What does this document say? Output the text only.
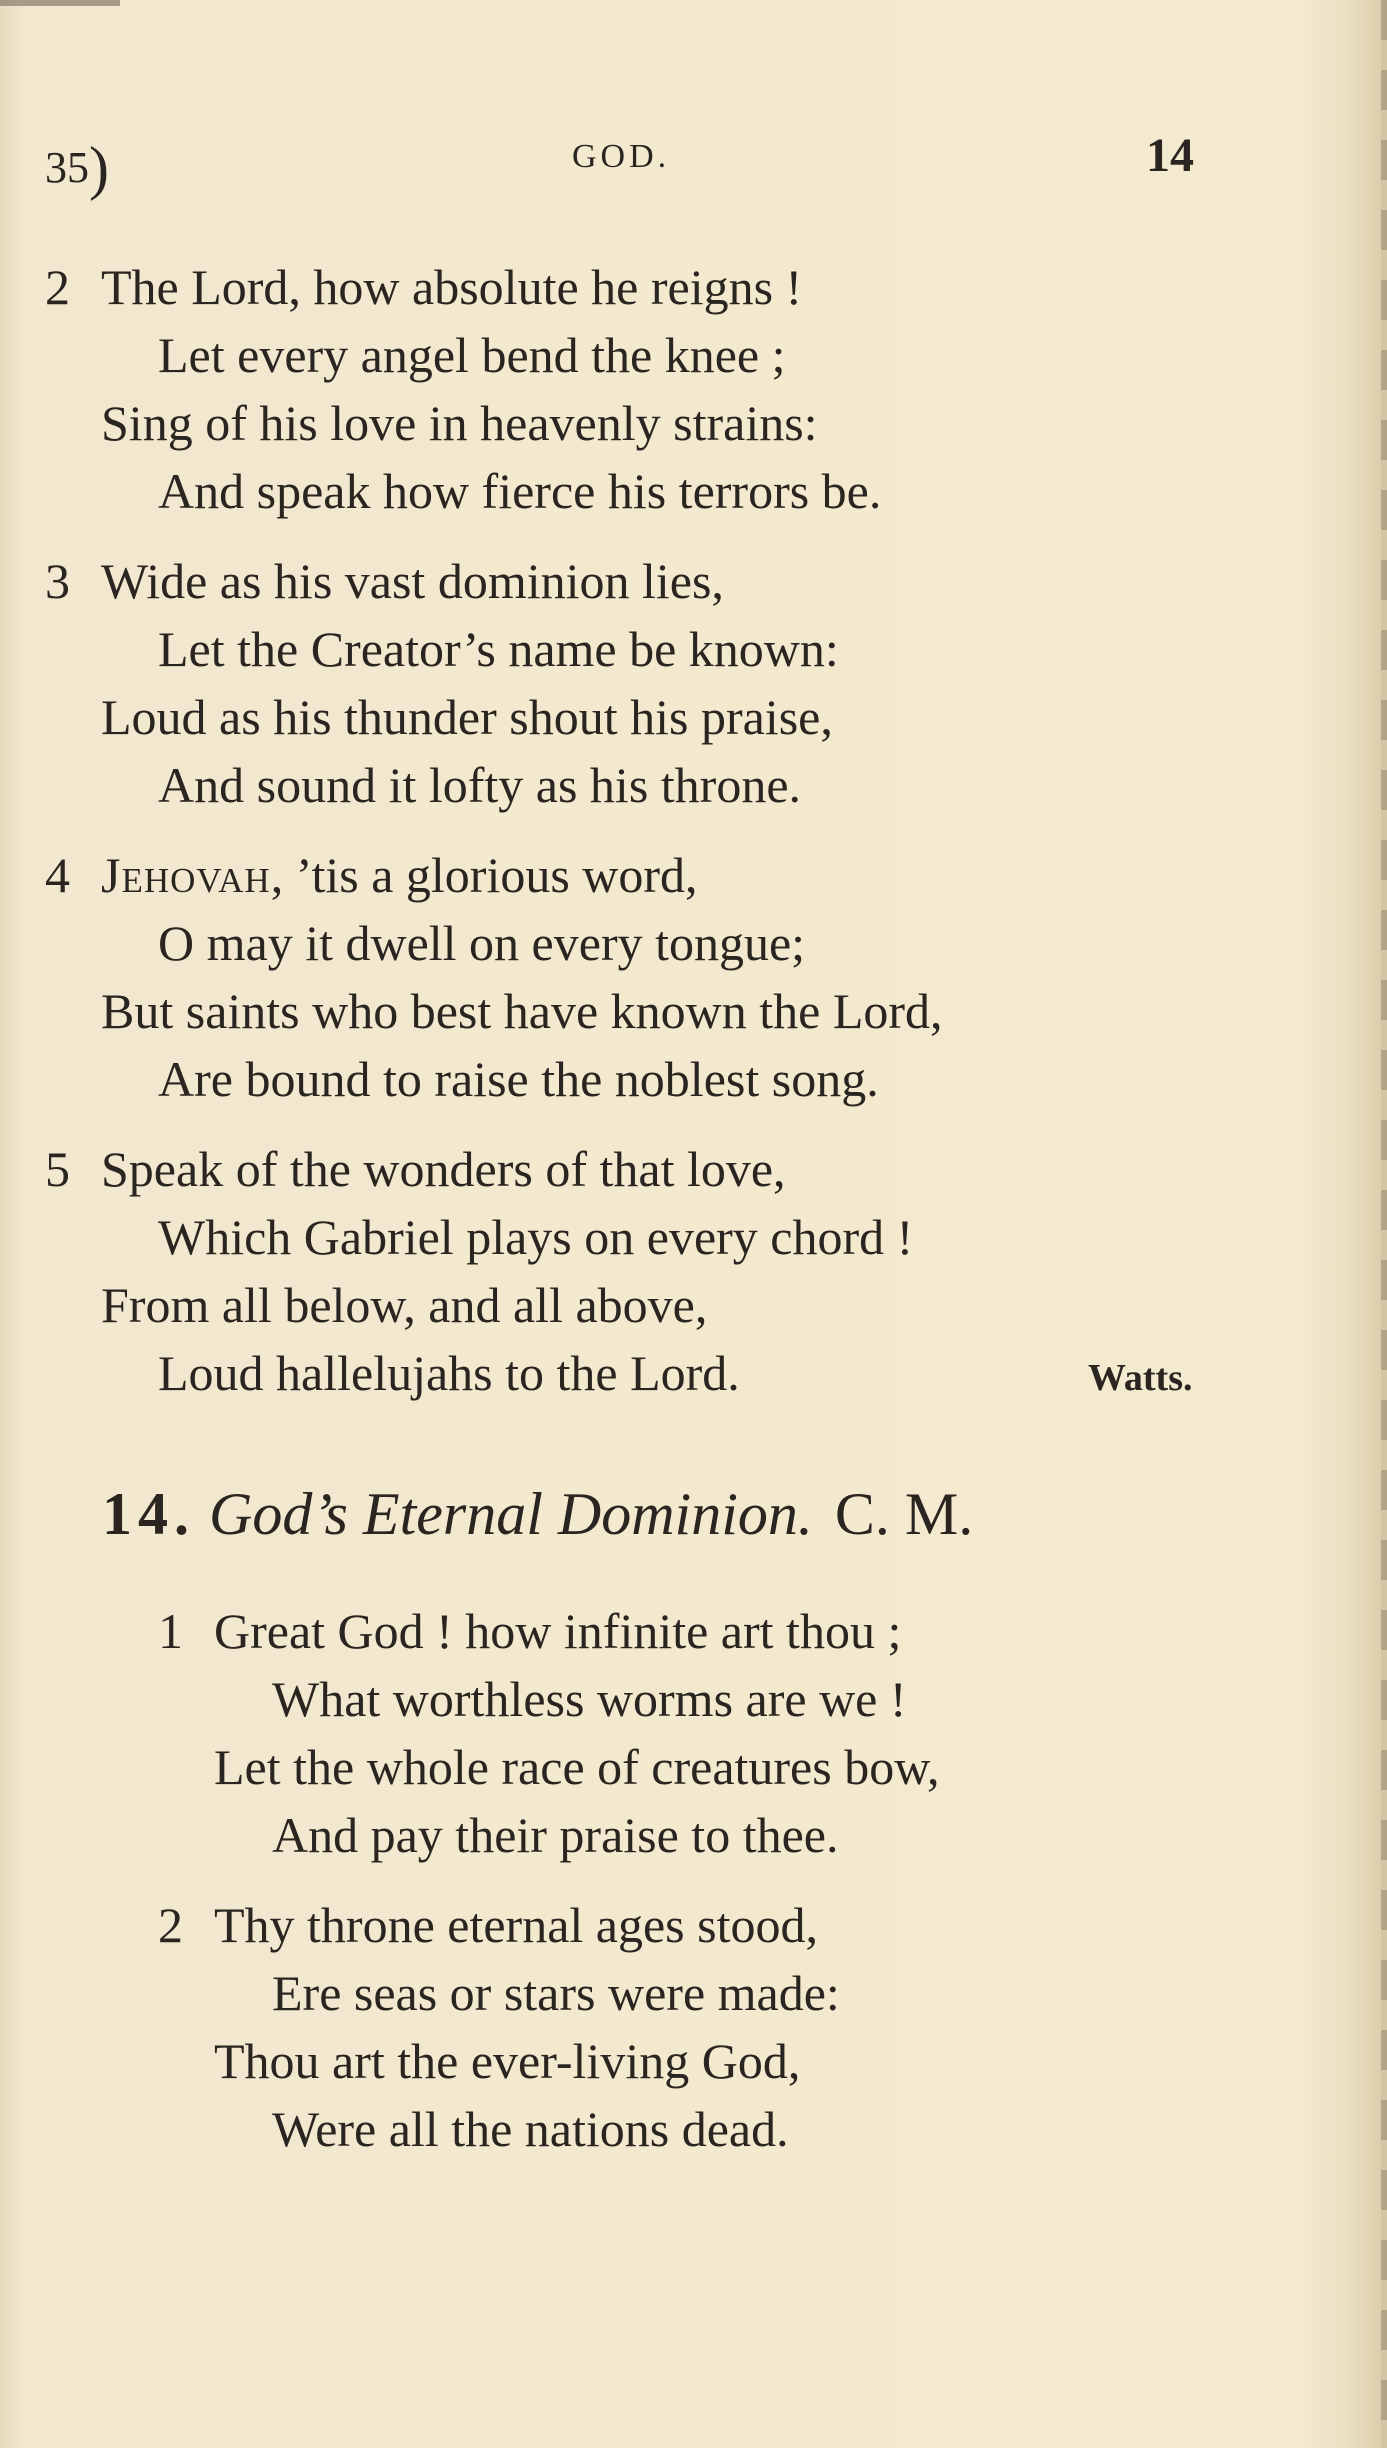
35)	GOD.	14
2 The Lord, how absolute he reigns !
Let every angel bend the knee ;
Sing of his love in heavenly strains:
And speak how fierce his terrors be.
3 Wide as his vast dominion lies,
Let the Creator’s name be known:
Loud as his thunder shout his praise,
And sound it lofty as his throne.
4 Jehovah, ’tis a glorious word,
O may it dwell on every tongue;
But saints who best have known the Lord,
Are bound to raise the noblest song.
5 Speak of the wonders of that love,
Which Gabriel plays on every chord !
From all below, and all above,
Loud hallelujahs to the Lord.	Watts.
14. God’s Eternal Dominion. C. M.
1 Great God ! how infinite art thou ;
What worthless worms are we !
Let the whole race of creatures bow,
And pay their praise to thee.
2 Thy throne eternal ages stood,
Ere seas or stars were made:
Thou art the ever-living God,
Were all the nations dead.
